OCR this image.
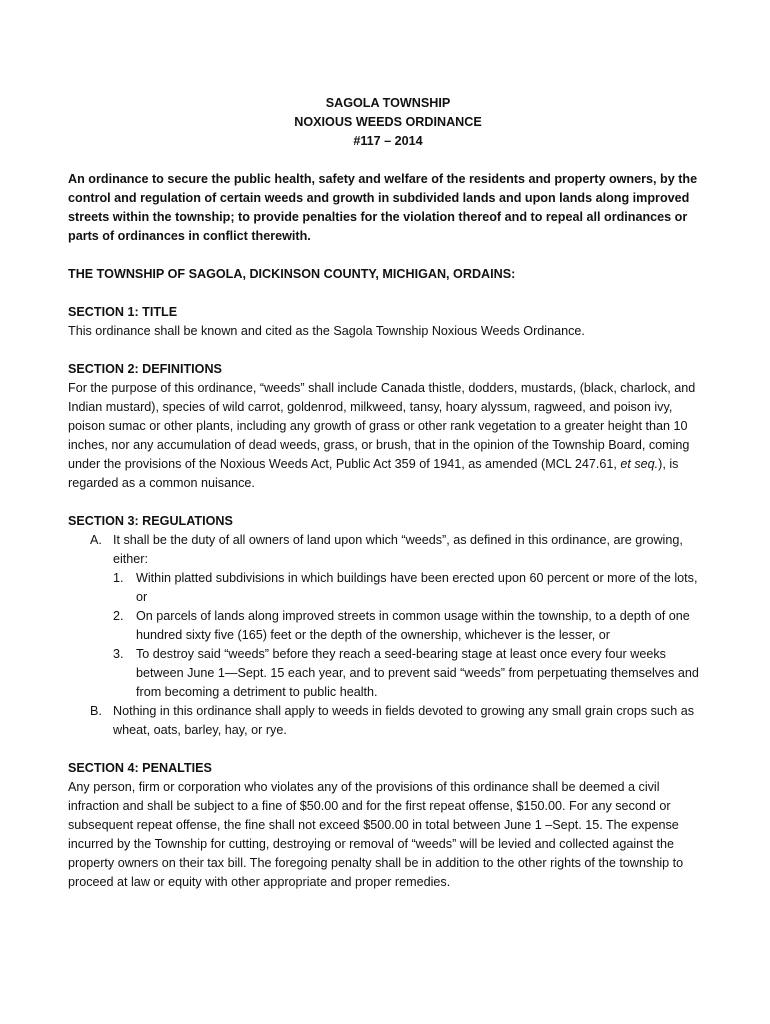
SAGOLA TOWNSHIP
NOXIOUS WEEDS ORDINANCE
#117 – 2014

An ordinance to secure the public health, safety and welfare of the residents and property owners, by the control and regulation of certain weeds and growth in subdivided lands and upon lands along improved streets within the township; to provide penalties for the violation thereof and to repeal all ordinances or parts of ordinances in conflict therewith.

THE TOWNSHIP OF SAGOLA, DICKINSON COUNTY, MICHIGAN, ORDAINS:

SECTION 1: TITLE

This ordinance shall be known and cited as the Sagola Township Noxious Weeds Ordinance.

SECTION 2: DEFINITIONS

For the purpose of this ordinance, “weeds” shall include Canada thistle, dodders, mustards, (black, charlock, and Indian mustard), species of wild carrot, goldenrod, milkweed, tansy, hoary alyssum, ragweed, and poison ivy, poison sumac or other plants, including any growth of grass or other rank vegetation to a greater height than 10 inches, nor any accumulation of dead weeds, grass, or brush, that in the opinion of the Township Board, coming under the provisions of the Noxious Weeds Act, Public Act 359 of 1941, as amended (MCL 247.61, et seq.), is regarded as a common nuisance.

SECTION 3: REGULATIONS
A. It shall be the duty of all owners of land upon which “weeds”, as defined in this ordinance, are growing, either:
1. Within platted subdivisions in which buildings have been erected upon 60 percent or more of the lots, or
2. On parcels of lands along improved streets in common usage within the township, to a depth of one hundred sixty five (165) feet or the depth of the ownership, whichever is the lesser, or
3. To destroy said “weeds” before they reach a seed-bearing stage at least once every four weeks between June 1—Sept. 15 each year, and to prevent said “weeds” from perpetuating themselves and from becoming a detriment to public health.
B. Nothing in this ordinance shall apply to weeds in fields devoted to growing any small grain crops such as wheat, oats, barley, hay, or rye.
SECTION 4: PENALTIES

Any person, firm or corporation who violates any of the provisions of this ordinance shall be deemed a civil infraction and shall be subject to a fine of $50.00 and for the first repeat offense, $150.00. For any second or subsequent repeat offense, the fine shall not exceed $500.00 in total between June 1 –Sept. 15. The expense incurred by the Township for cutting, destroying or removal of “weeds” will be levied and collected against the property owners on their tax bill. The foregoing penalty shall be in addition to the other rights of the township to proceed at law or equity with other appropriate and proper remedies.
